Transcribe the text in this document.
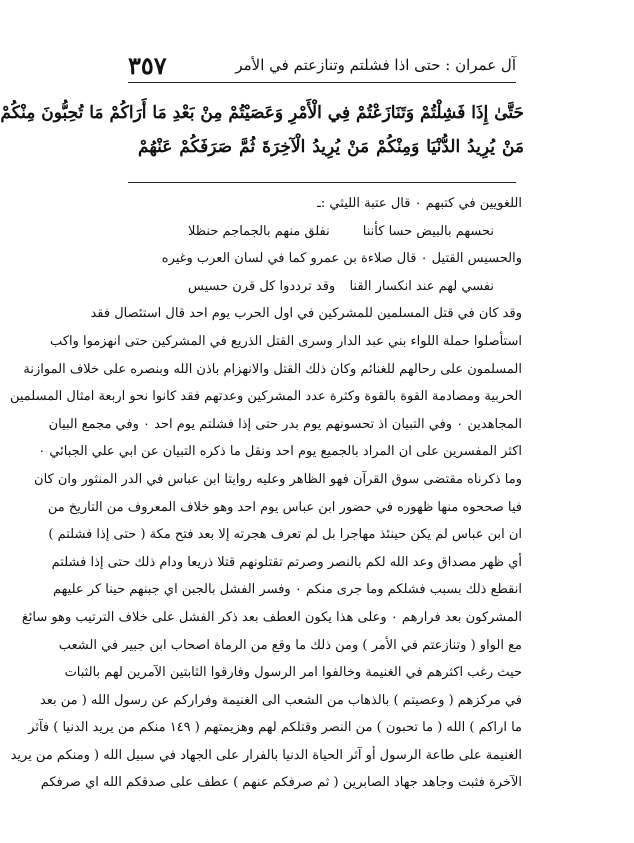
آل عمران : حتى اذا فشلتم وتنازعتم في الأمر
٣٥٧
حَتَّىٰ إِذَا فَشِلْتُمْ وَتَنَازَعْتُمْ فِي الْأَمْرِ وَعَصَيْتُمْ مِنْ بَعْدِ مَا أَرَاكُمْ مَا تُحِبُّونَ مِنْكُمْ
مَنْ يُرِيدُ الدُّنْيَا وَمِنْكُمْ مَنْ يُرِيدُ الْآخِرَةَ ثُمَّ صَرَفَكُمْ عَنْهُمْ
اللغويين في كتبهم ٠ قال عتبة الليثي :ـ
نحسهم بالبيض حسا كأننا
نفلق منهم بالجماجم حنظلا
والحسيس القتيل ٠ قال صلاءة بن عمرو كما في لسان العرب وغيره
نفسي لهم عند انكسار القنا
وقد ترددوا كل قرن حسيس
وقد كان في قتل المسلمين للمشركين في اول الحرب يوم احد قال استئصال فقد
استأصلوا حملة اللواء بني عبد الدار وسرى القتل الذريع في المشركين حتى انهزموا واكب
المسلمون على رحالهم للغنائم وكان ذلك القتل والانهزام باذن الله وبنصره على خلاف الموازنة
الحربية ومصادمة القوة بالقوة وكثرة عدد المشركين وعدتهم فقد كانوا نحو اربعة امثال المسلمين
المجاهدين ٠ وفي التبيان اذ تحسونهم يوم بدر حتى إذا فشلتم يوم احد ٠ وفي مجمع البيان
اكثر المفسرين على ان المراد بالجميع يوم احد ونقل ما ذكره التبيان عن ابي علي الجبائي ٠
وما ذكرناه مقتضى سوق القرآن فهو الظاهر وعليه روايتا ابن عباس في الدر المنثور وان كان
فيا صححوه منها ظهوره في حضور ابن عباس يوم احد وهو خلاف المعروف من التاريخ من
ان ابن عباس لم يكن حينئذ مهاجرا بل لم تعرف هجرته إلا بعد فتح مكة ( حتى إذا فشلتم )
أي ظهر مصداق وعد الله لكم بالنصر وصرتم تقتلونهم قتلا ذريعا ودام ذلك حتى إذا فشلتم
انقطع ذلك بسبب فشلكم وما جرى منكم ٠ وفسر الفشل بالجبن اي جبنهم حينا كر عليهم
المشركون بعد فرارهم ٠ وعلى هذا يكون العطف بعد ذكر الفشل على خلاف الترتيب وهو سائغ
مع الواو ( وتنازعتم في الأمر ) ومن ذلك ما وقع من الرماة اصحاب ابن جبير في الشعب
حيث رغب اكثرهم في الغنيمة وخالفوا امر الرسول وفارقوا الثابتين الآمرين لهم بالثبات
في مركزهم ( وعصيتم ) بالذهاب من الشعب الى الغنيمة وفراركم عن رسول الله ( من بعد
ما اراكم ) الله ( ما تحبون ) من النصر وقتلكم لهم وهزيمتهم ( ١٤٩ منكم من يريد الدنيا ) فآثر
الغنيمة على طاعة الرسول أو آثر الحياة الدنيا بالفرار على الجهاد في سبيل الله ( ومنكم من يريد
الآخرة فثبت وجاهد جهاد الصابرين ( ثم صرفكم عنهم ) عطف على صدقكم الله اي صرفكم
